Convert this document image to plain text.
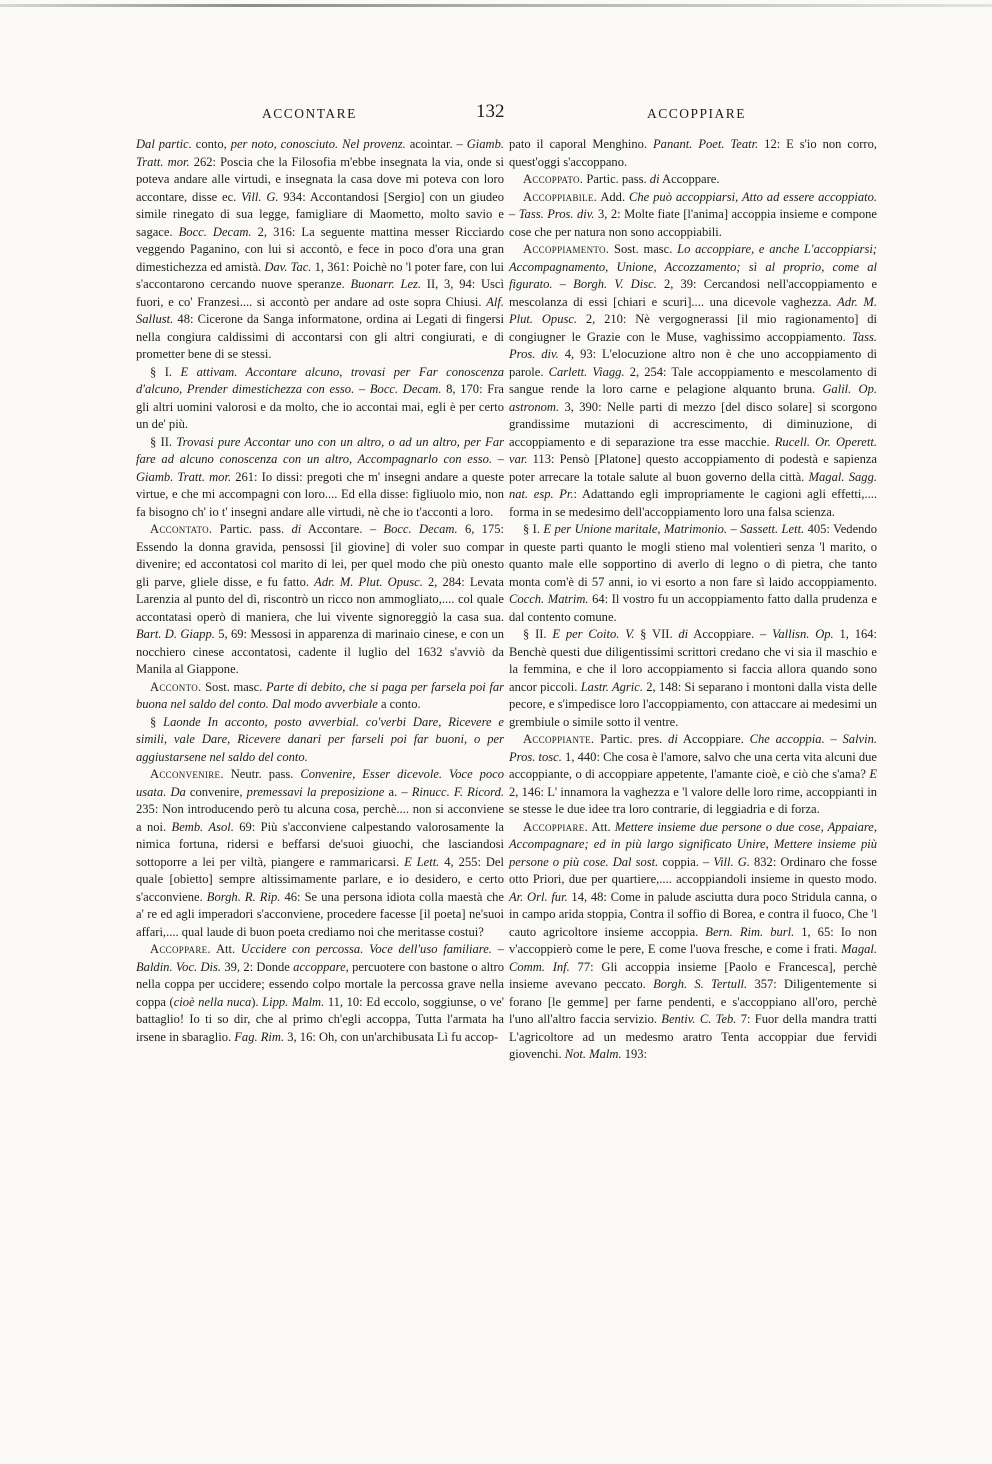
ACCONTARE	132	ACCOPPIARE

Dal partic. conto, per noto, conosciuto. Nel provenz. acointar. – Giamb. Tratt. mor. 262: Poscia che la Filosofia m'ebbe insegnata la via, onde si poteva andare alle virtudi, e insegnata la casa dove mi poteva con loro accontare, disse ec. Vill. G. 934: Accontandosi [Sergio] con un giudeo simile rinegato di sua legge, famigliare di Maometto, molto savio e sagace. Bocc. Decam. 2, 316: La seguente mattina messer Ricciardo veggendo Paganino, con lui si accontò, e fece in poco d'ora una gran dimestichezza ed amistà. Dav. Tac. 1, 361: Poichè no 'l poter fare, con lui s'accontarono cercando nuove speranze. Buonarr. Lez. II, 3, 94: Uscì fuori, e co' Franzesi.... si accontò per andare ad oste sopra Chiusi. Alf. Sallust. 48: Cicerone da Sanga informatone, ordina ai Legati di fingersi nella congiura caldissimi di accontarsi con gli altri congiurati, e di prometter bene di se stessi.

§ I. E attivam. Accontare alcuno, trovasi per Far conoscenza d'alcuno, Prender dimestichezza con esso. – Bocc. Decam. 8, 170: Fra gli altri uomini valorosi e da molto, che io accontai mai, egli è per certo un de' più.

§ II. Trovasi pure Accontar uno con un altro, o ad un altro, per Far fare ad alcuno conoscenza con un altro, Accompagnarlo con esso. – Giamb. Tratt. mor. 261: Io dissi: pregoti che m' insegni andare a queste virtue, e che mi accompagni con loro.... Ed ella disse: figliuolo mio, non fa bisogno ch' io t' insegni andare alle virtudi, nè che io t'acconti a loro.

Accontato. Partic. pass. di Accontare. – Bocc. Decam. 6, 175: Essendo la donna gravida, pensossi [il giovine] di voler suo compar divenire; ed accontatosi col marito di lei, per quel modo che più onesto gli parve, gliele disse, e fu fatto. Adr. M. Plut. Opusc. 2, 284: Levata Larenzia al punto del dì, riscontrò un ricco non ammogliato,.... col quale accontatasi operò di maniera, che lui vivente signoreggiò la casa sua. Bart. D. Giapp. 5, 69: Messosi in apparenza di marinaio cinese, e con un nocchiero cinese accontatosi, cadente il luglio del 1632 s'avviò da Manila al Giappone.

Acconto. Sost. masc. Parte di debito, che si paga per farsela poi far buona nel saldo del conto. Dal modo avverbiale a conto.

§ Laonde In acconto, posto avverbial. co'verbi Dare, Ricevere e simili, vale Dare, Ricevere danari per farseli poi far buoni, o per aggiustarsene nel saldo del conto.

Acconvenire. Neutr. pass. Convenire, Esser dicevole. Voce poco usata. Da convenire, premessavi la preposizione a. – Rinucc. F. Ricord. 235: Non introducendo però tu alcuna cosa, perchè.... non si acconviene a noi. Bemb. Asol. 69: Più s'acconviene calpestando valorosamente la nimica fortuna, ridersi e beffarsi de'suoi giuochi, che lasciandosi sottoporre a lei per viltà, piangere e rammaricarsi. E Lett. 4, 255: Del quale [obietto] sempre altissimamente parlare, e io desidero, e certo s'acconviene. Borgh. R. Rip. 46: Se una persona idiota colla maestà che a' re ed agli imperadori s'acconviene, procedere facesse [il poeta] ne'suoi affari,.... qual laude di buon poeta crediamo noi che meritasse costui?

Accoppare. Att. Uccidere con percossa. Voce dell'uso familiare. – Baldin. Voc. Dis. 39, 2: Donde accoppare, percuotere con bastone o altro nella coppa per uccidere; essendo colpo mortale la percossa grave nella coppa (cioè nella nuca). Lipp. Malm. 11, 10: Ed eccolo, soggiunse, o ve' battaglio! Io ti so dir, che al primo ch'egli accoppa, Tutta l'armata ha irsene in sbaraglio. Fag. Rim. 3, 16: Oh, con un'archibusata Lì fu accop-

pato il caporal Menghino. Panant. Poet. Teatr. 12: E s'io non corro, quest'oggi s'accoppano.

Accoppato. Partic. pass. di Accoppare.

Accoppiabile. Add. Che può accoppiarsi, Atto ad essere accoppiato. – Tass. Pros. div. 3, 2: Molte fiate [l'anima] accoppia insieme e compone cose che per natura non sono accoppiabili.

Accoppiamento. Sost. masc. Lo accoppiare, e anche L'accoppiarsi; Accompagnamento, Unione, Accozzamento; sì al proprio, come al figurato. – Borgh. V. Disc. 2, 39: Cercandosi nell'accoppiamento e mescolanza di essi [chiari e scuri].... una dicevole vaghezza. Adr. M. Plut. Opusc. 2, 210: Nè vergognerassi [il mio ragionamento] di congiugner le Grazie con le Muse, vaghissimo accoppiamento. Tass. Pros. div. 4, 93: L'elocuzione altro non è che uno accoppiamento di parole. Carlett. Viagg. 2, 254: Tale accoppiamento e mescolamento di sangue rende la loro carne e pelagione alquanto bruna. Galil. Op. astronom. 3, 390: Nelle parti di mezzo [del disco solare] si scorgono grandissime mutazioni di accrescimento, di diminuzione, di accoppiamento e di separazione tra esse macchie. Rucell. Or. Operett. var. 113: Pensò [Platone] questo accoppiamento di podestà e sapienza poter arrecare la totale salute al buon governo della città. Magal. Sagg. nat. esp. Pr.: Adattando egli impropriamente le cagioni agli effetti,.... forma in se medesimo dell'accoppiamento loro una falsa scienza.

§ I. E per Unione maritale, Matrimonio. – Sassett. Lett. 405: Vedendo in queste parti quanto le mogli stieno mal volentieri senza 'l marito, o quanto male elle sopportino di averlo di legno o di pietra, che tanto monta com'è di 57 anni, io vi esorto a non fare sì laido accoppiamento. Cocch. Matrim. 64: Il vostro fu un accoppiamento fatto dalla prudenza e dal contento comune.

§ II. E per Coito. V. § VII. di Accoppiare. – Vallisn. Op. 1, 164: Benchè questi due diligentissimi scrittori credano che vi sia il maschio e la femmina, e che il loro accoppiamento si faccia allora quando sono ancor piccoli. Lastr. Agric. 2, 148: Si separano i montoni dalla vista delle pecore, e s'impedisce loro l'accoppiamento, con attaccare ai medesimi un grembiule o simile sotto il ventre.

Accoppiante. Partic. pres. di Accoppiare. Che accoppia. – Salvin. Pros. tosc. 1, 440: Che cosa è l'amore, salvo che una certa vita alcuni due accoppiante, o di accoppiare appetente, l'amante cioè, e ciò che s'ama? E 2, 146: L' innamora la vaghezza e 'l valore delle loro rime, accoppianti in se stesse le due idee tra loro contrarie, di leggiadria e di forza.

Accoppiare. Att. Mettere insieme due persone o due cose, Appaiare, Accompagnare; ed in più largo significato Unire, Mettere insieme più persone o più cose. Dal sost. coppia. – Vill. G. 832: Ordinaro che fosse otto Priori, due per quartiere,.... accoppiandoli insieme in questo modo. Ar. Orl. fur. 14, 48: Come in palude asciutta dura poco Stridula canna, o in campo arida stoppia, Contra il soffio di Borea, e contra il fuoco, Che 'l cauto agricoltore insieme accoppia. Bern. Rim. burl. 1, 65: Io non v'accoppierò come le pere, E come l'uova fresche, e come i frati. Magal. Comm. Inf. 77: Gli accoppia insieme [Paolo e Francesca], perchè insieme avevano peccato. Borgh. S. Tertull. 357: Diligentemente si forano [le gemme] per farne pendenti, e s'accoppiano all'oro, perchè l'uno all'altro faccia servizio. Bentiv. C. Teb. 7: Fuor della mandra tratti L'agricoltore ad un medesmo aratro Tenta accoppiar due fervidi giovenchi. Not. Malm. 193:
